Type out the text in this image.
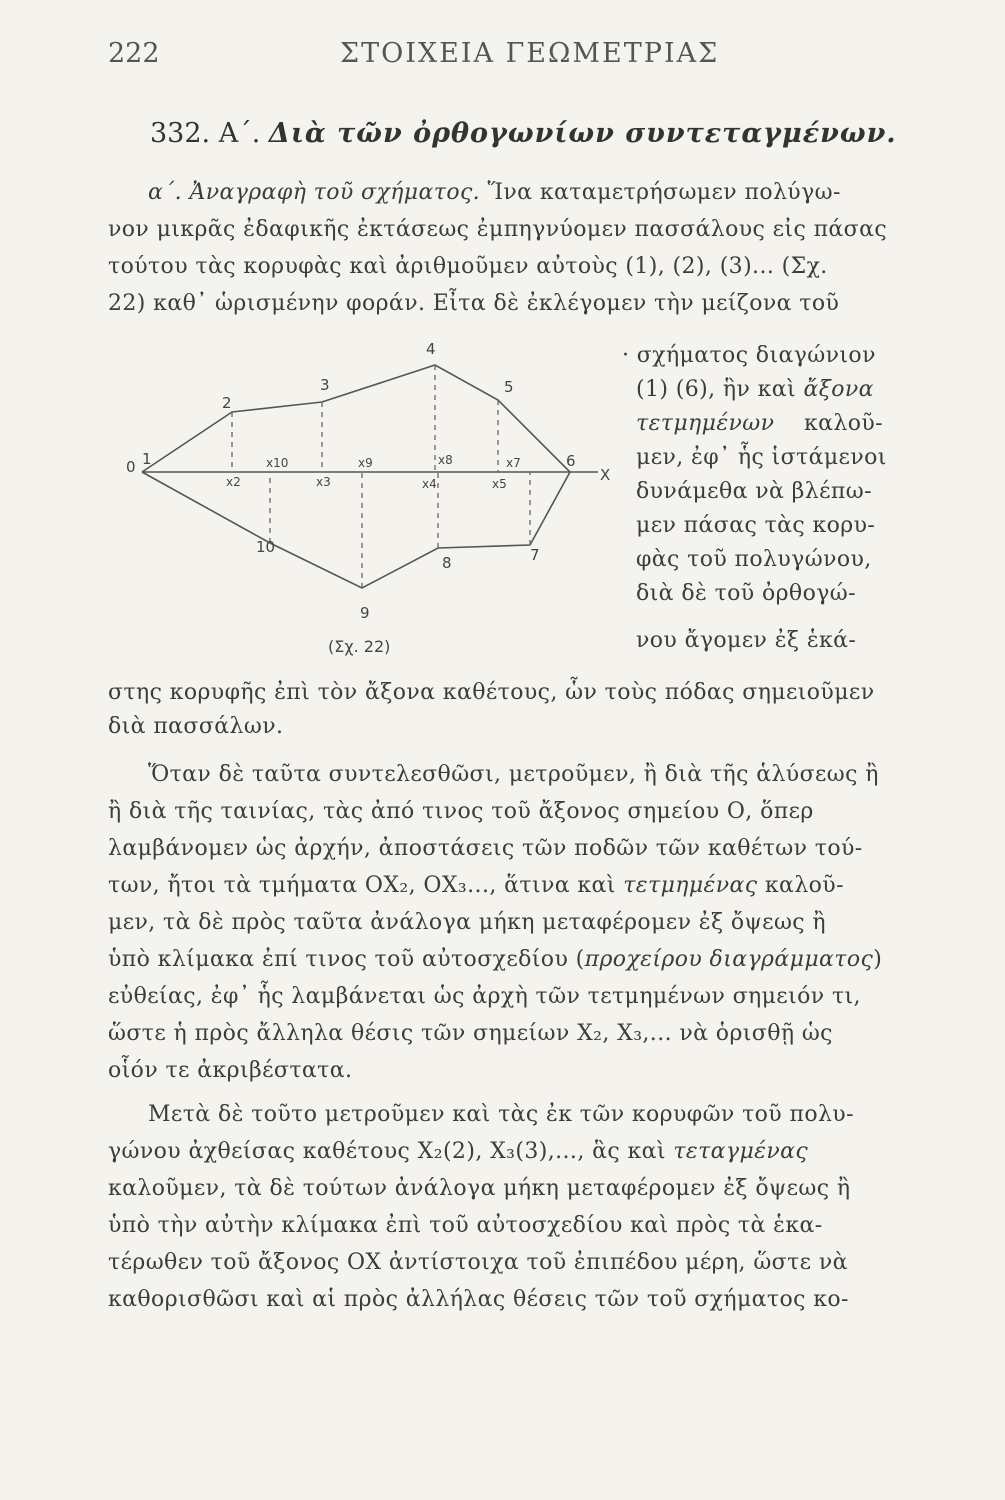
222	ΣΤΟΙΧΕΙΑ ΓΕΩΜΕΤΡΙΑΣ
332. Α΄. Διὰ τῶν ὀρθογωνίων συντεταγμένων.
α΄. Ἀναγραφὴ τοῦ σχήματος. Ἵνα καταμετρήσωμεν πολύγω-
νον μικρᾶς ἐδαφικῆς ἐκτάσεως ἐμπηγνύομεν πασσάλους εἰς πάσας
τούτου τὰς κορυφὰς καὶ ἀριθμοῦμεν αὐτοὺς (1), (2), (3)... (Σχ.
22) καθ᾽ ὡρισμένην φοράν. Εἶτα δὲ ἐκλέγομεν τὴν μείζονα τοῦ
· σχήματος διαγώνιον
(1) (6), ἣν καὶ ἄξονα
τετμημένων καλοῦ-
μεν, ἐφ᾽ ἧς ἱστάμενοι
δυνάμεθα νὰ βλέπω-
μεν πάσας τὰς κορυ-
φὰς τοῦ πολυγώνου,
διὰ δὲ τοῦ ὀρθογώ-
νου ἄγομεν ἐξ ἑκά-
0 1
2
3
4
5
6
7
8
9
10
X
x10	x9	x8	x7
x2	x3	x4	x5
(Σχ. 22)
στης κορυφῆς ἐπὶ τὸν ἄξονα καθέτους, ὧν τοὺς πόδας σημειοῦμεν
διὰ πασσάλων.
Ὅταν δὲ ταῦτα συντελεσθῶσι, μετροῦμεν, ἢ διὰ τῆς ἁλύσεως ἢ
ἢ διὰ τῆς ταινίας, τὰς ἀπό τινος τοῦ ἄξονος σημείου Ο, ὅπερ
λαμβάνομεν ὡς ἀρχήν, ἀποστάσεις τῶν ποδῶν τῶν καθέτων τού-
των, ἤτοι τὰ τμήματα ΟΧ₂, ΟΧ₃..., ἅτινα καὶ τετμημένας καλοῦ-
μεν, τὰ δὲ πρὸς ταῦτα ἀνάλογα μήκη μεταφέρομεν ἐξ ὄψεως ἢ
ὑπὸ κλίμακα ἐπί τινος τοῦ αὐτοσχεδίου (προχείρου διαγράμματος)
εὐθείας, ἐφ᾽ ἧς λαμβάνεται ὡς ἀρχὴ τῶν τετμημένων σημειόν τι,
ὥστε ἡ πρὸς ἄλληλα θέσις τῶν σημείων Χ₂, Χ₃,... νὰ ὁρισθῇ ὡς
οἷόν τε ἀκριβέστατα.
Μετὰ δὲ τοῦτο μετροῦμεν καὶ τὰς ἐκ τῶν κορυφῶν τοῦ πολυ-
γώνου ἀχθείσας καθέτους Χ₂(2), Χ₃(3),..., ἃς καὶ τεταγμένας
καλοῦμεν, τὰ δὲ τούτων ἀνάλογα μήκη μεταφέρομεν ἐξ ὄψεως ἢ
ὑπὸ τὴν αὐτὴν κλίμακα ἐπὶ τοῦ αὐτοσχεδίου καὶ πρὸς τὰ ἑκα-
τέρωθεν τοῦ ἄξονος ΟΧ ἀντίστοιχα τοῦ ἐπιπέδου μέρη, ὥστε νὰ
καθορισθῶσι καὶ αἱ πρὸς ἀλλήλας θέσεις τῶν τοῦ σχήματος κο-
